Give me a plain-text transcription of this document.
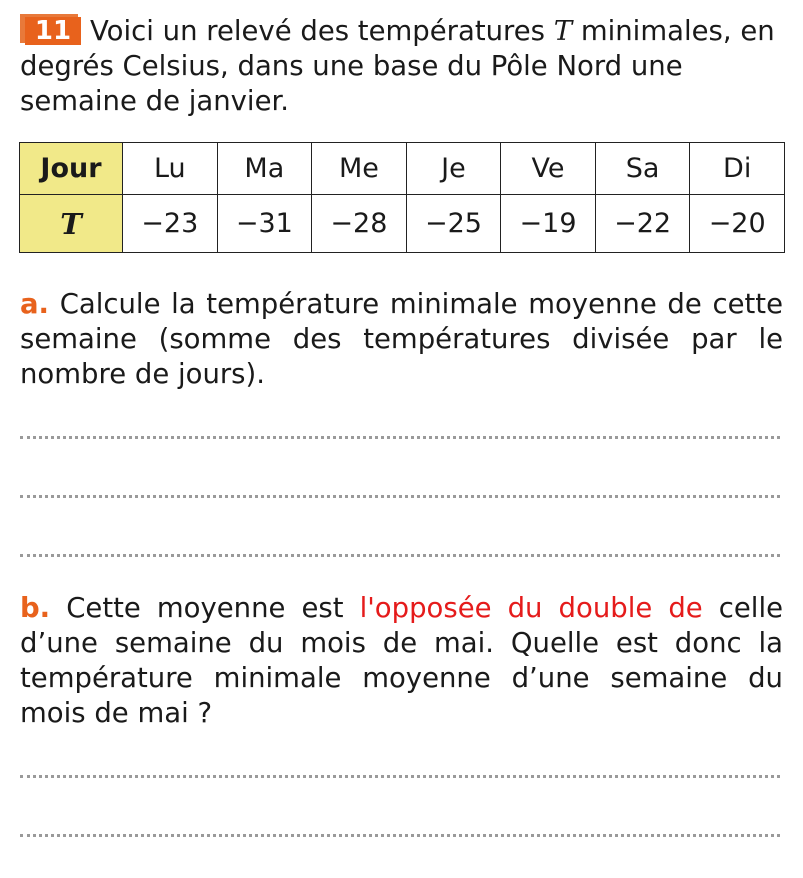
11 Voici un relevé des températures T minimales, en degrés Celsius, dans une base du Pôle Nord une semaine de janvier.
Jour	Lu	Ma	Me	Je	Ve	Sa	Di
T	−23	−31	−28	−25	−19	−22	−20
a. Calcule la température minimale moyenne de cette semaine (somme des températures divisée par le nombre de jours).
b. Cette moyenne est l'opposée du double de celle d’une semaine du mois de mai. Quelle est donc la température minimale moyenne d’une semaine du mois de mai ?
